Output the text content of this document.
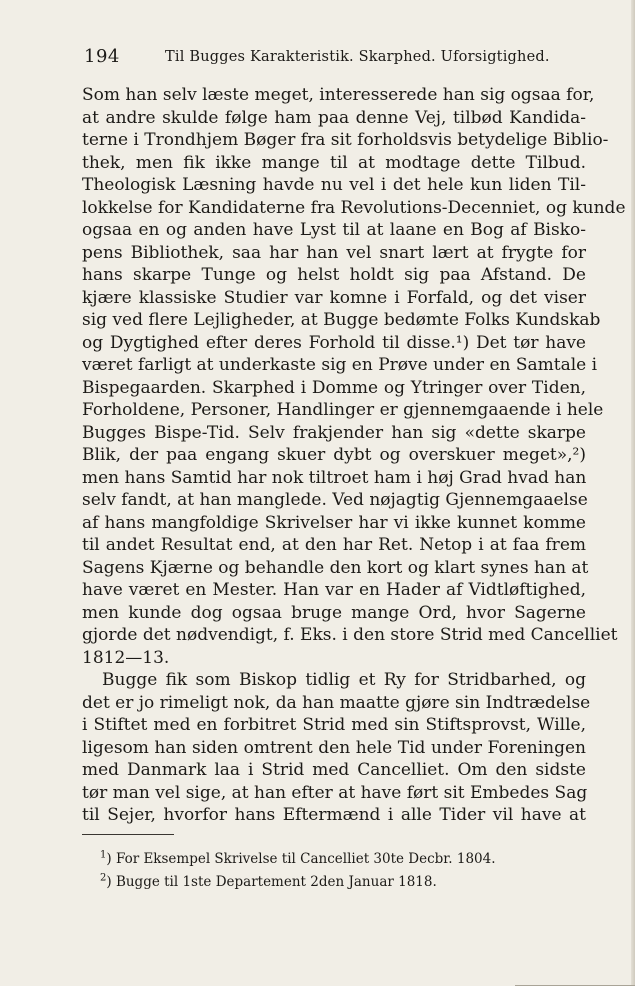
194	Til Bugges Karakteristik. Skarphed. Uforsigtighed.
Som han selv læste meget, interesserede han sig ogsaa for,
at andre skulde følge ham paa denne Vej, tilbød Kandida-
terne i Trondhjem Bøger fra sit forholdsvis betydelige Biblio-
thek, men fik ikke mange til at modtage dette Tilbud.
Theologisk Læsning havde nu vel i det hele kun liden Til-
lokkelse for Kandidaterne fra Revolutions-Decenniet, og kunde
ogsaa en og anden have Lyst til at laane en Bog af Bisko-
pens Bibliothek, saa har han vel snart lært at frygte for
hans skarpe Tunge og helst holdt sig paa Afstand. De
kjære klassiske Studier var komne i Forfald, og det viser
sig ved flere Lejligheder, at Bugge bedømte Folks Kundskab
og Dygtighed efter deres Forhold til disse.¹) Det tør have
været farligt at underkaste sig en Prøve under en Samtale i
Bispegaarden. Skarphed i Domme og Ytringer over Tiden,
Forholdene, Personer, Handlinger er gjennemgaaende i hele
Bugges Bispe-Tid. Selv frakjender han sig «dette skarpe
Blik, der paa engang skuer dybt og overskuer meget»,²)
men hans Samtid har nok tiltroet ham i høj Grad hvad han
selv fandt, at han manglede. Ved nøjagtig Gjennemgaaelse
af hans mangfoldige Skrivelser har vi ikke kunnet komme
til andet Resultat end, at den har Ret. Netop i at faa frem
Sagens Kjærne og behandle den kort og klart synes han at
have været en Mester. Han var en Hader af Vidtløftighed,
men kunde dog ogsaa bruge mange Ord, hvor Sagerne
gjorde det nødvendigt, f. Eks. i den store Strid med Cancelliet
1812—13.
Bugge fik som Biskop tidlig et Ry for Stridbarhed, og
det er jo rimeligt nok, da han maatte gjøre sin Indtrædelse
i Stiftet med en forbitret Strid med sin Stiftsprovst, Wille,
ligesom han siden omtrent den hele Tid under Foreningen
med Danmark laa i Strid med Cancelliet. Om den sidste
tør man vel sige, at han efter at have ført sit Embedes Sag
til Sejer, hvorfor hans Eftermænd i alle Tider vil have at
$^1$) For Eksempel Skrivelse til Cancelliet 30te Decbr. 1804.
$^2$) Bugge til 1ste Departement 2den Januar 1818.
